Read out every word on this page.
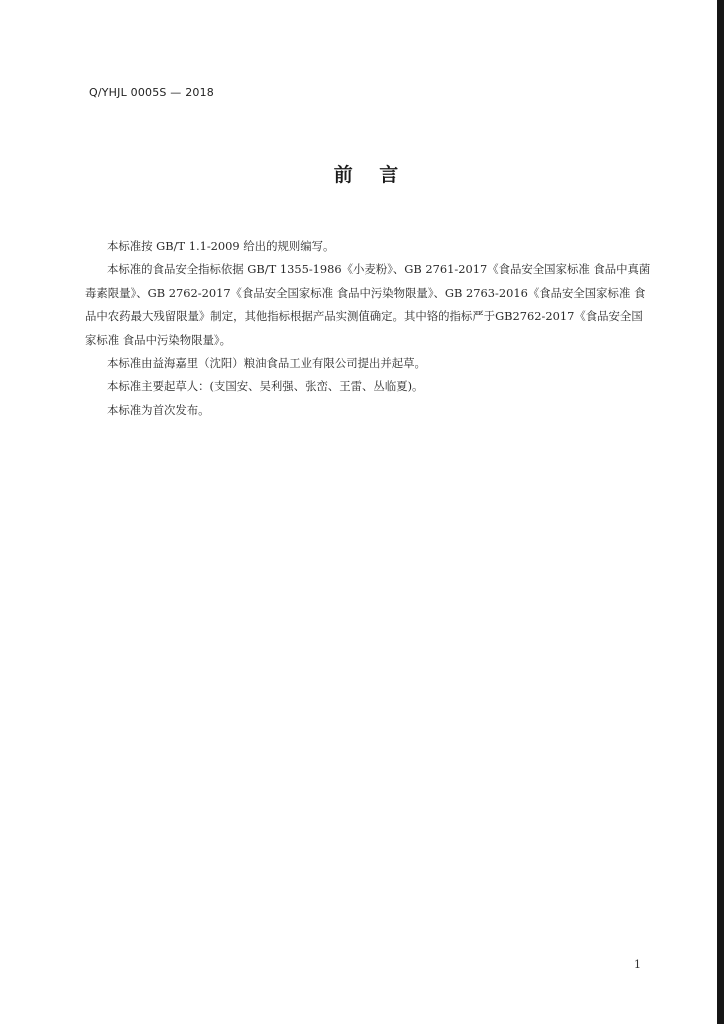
Q/YHJL 0005S — 2018
前    言

本标准按 GB/T 1.1-2009 给出的规则编写。

本标准的食品安全指标依据 GB/T 1355-1986《小麦粉》、GB 2761-2017《食品安全国家标准 食品中真菌毒素限量》、GB 2762-2017《食品安全国家标准 食品中污染物限量》、GB 2763-2016《食品安全国家标准 食品中农药最大残留限量》制定，其他指标根据产品实测值确定。其中铬的指标严于GB2762-2017《食品安全国家标准 食品中污染物限量》。

本标准由益海嘉里（沈阳）粮油食品工业有限公司提出并起草。

本标准主要起草人：(支国安、吴利强、张峦、王雷、丛临夏)。

本标准为首次发布。

1
